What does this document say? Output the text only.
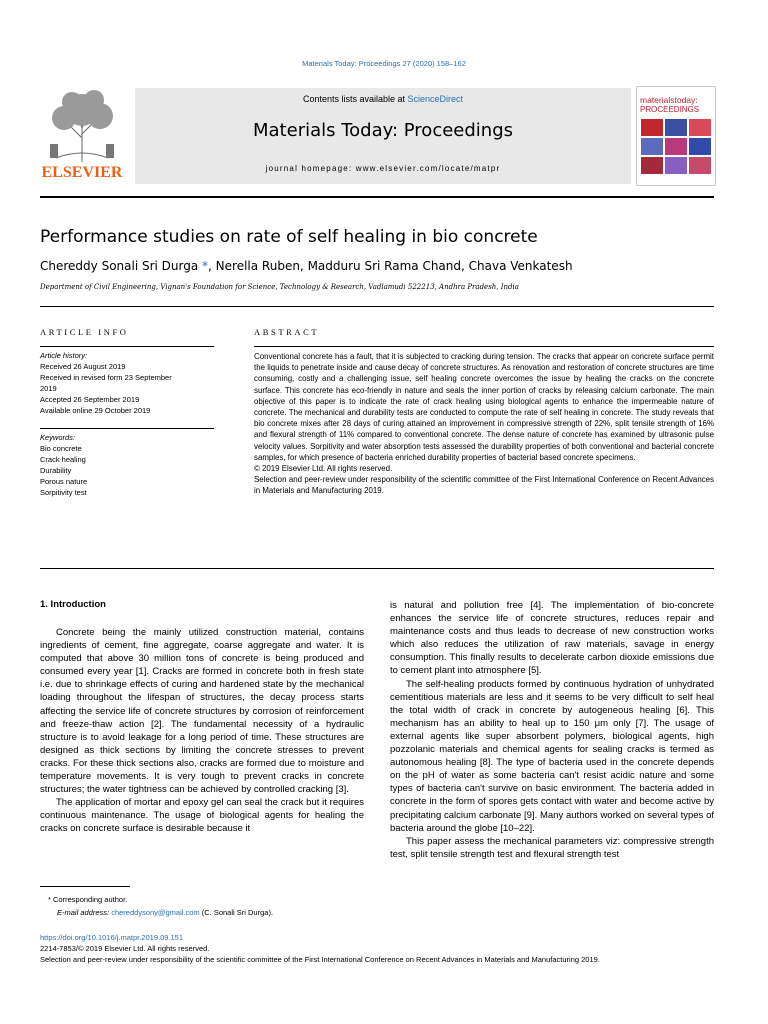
Materials Today: Proceedings 27 (2020) 158–162
ELSEVIER
Contents lists available at ScienceDirect
Materials Today: Proceedings
journal homepage: www.elsevier.com/locate/matpr
materialstoday:
PROCEEDINGS
Performance studies on rate of self healing in bio concrete
Chereddy Sonali Sri Durga *, Nerella Ruben, Madduru Sri Rama Chand, Chava Venkatesh
Department of Civil Engineering, Vignan's Foundation for Science, Technology & Research, Vadlamudi 522213, Andhra Pradesh, India
ARTICLE INFO
Article history:
Received 26 August 2019
Received in revised form 23 September
2019
Accepted 26 September 2019
Available online 29 October 2019
Keywords:
Bio concrete
Crack healing
Durability
Porous nature
Sorpitivity test
ABSTRACT
Conventional concrete has a fault, that it is subjected to cracking during tension. The cracks that appear on concrete surface permit the liquids to penetrate inside and cause decay of concrete structures. As renovation and restoration of concrete structures are time consuming, costly and a challenging issue, self healing concrete overcomes the issue by healing the cracks on the concrete surface. This concrete has eco-friendly in nature and seals the inner portion of cracks by releasing calcium carbonate. The main objective of this paper is to indicate the rate of crack healing using biological agents to enhance the impermeable nature of concrete. The mechanical and durability tests are conducted to compute the rate of self healing in concrete. The study reveals that bio concrete mixes after 28 days of curing attained an improvement in compressive strength of 22%, split tensile strength of 16% and flexural strength of 11% compared to conventional concrete. The dense nature of concrete has examined by ultrasonic pulse velocity values. Sorpitivity and water absorption tests assessed the durability properties of both conventional and bacterial concrete samples, for which presence of bacteria enriched durability properties of bacterial based concrete specimens.
© 2019 Elsevier Ltd. All rights reserved.
Selection and peer-review under responsibility of the scientific committee of the First International Conference on Recent Advances in Materials and Manufacturing 2019.
1. Introduction

Concrete being the mainly utilized construction material, contains ingredients of cement, fine aggregate, coarse aggregate and water. It is computed that above 30 million tons of concrete is being produced and consumed every year [1]. Cracks are formed in concrete both in fresh state i.e. due to shrinkage effects of curing and hardened state by the mechanical loading throughout the lifespan of structures, the decay process starts affecting the service life of concrete structures by corrosion of reinforcement and freeze-thaw action [2]. The fundamental necessity of a hydraulic structure is to avoid leakage for a long period of time. These structures are designed as thick sections by limiting the concrete stresses to prevent cracks. For these thick sections also, cracks are formed due to moisture and temperature movements. It is very tough to prevent cracks in concrete structures; the water tightness can be achieved by controlled cracking [3].

The application of mortar and epoxy gel can seal the crack but it requires continuous maintenance. The usage of biological agents for healing the cracks on concrete surface is desirable because it

is natural and pollution free [4]. The implementation of bio-concrete enhances the service life of concrete structures, reduces repair and maintenance costs and thus leads to decrease of new construction works which also reduces the utilization of raw materials, savage in energy consumption. This finally results to decelerate carbon dioxide emissions due to cement plant into atmosphere [5].

The self-healing products formed by continuous hydration of unhydrated cementitious materials are less and it seems to be very difficult to self heal the total width of crack in concrete by autogeneous healing [6]. This mechanism has an ability to heal up to 150 μm only [7]. The usage of external agents like super absorbent polymers, biological agents, high pozzolanic materials and chemical agents for sealing cracks is termed as autonomous healing [8]. The type of bacteria used in the concrete depends on the pH of water as some bacteria can't resist acidic nature and some types of bacteria can't survive on basic environment. The bacteria added in concrete in the form of spores gets contact with water and become active by precipitating calcium carbonate [9]. Many authors worked on several types of bacteria around the globe [10–22].

This paper assess the mechanical parameters viz: compressive strength test, split tensile strength test and flexural strength test

* Corresponding author.
E-mail address: chereddysony@gmail.com (C. Sonali Sri Durga).
https://doi.org/10.1016/j.matpr.2019.09.151
2214-7853/© 2019 Elsevier Ltd. All rights reserved.
Selection and peer-review under responsibility of the scientific committee of the First International Conference on Recent Advances in Materials and Manufacturing 2019.
